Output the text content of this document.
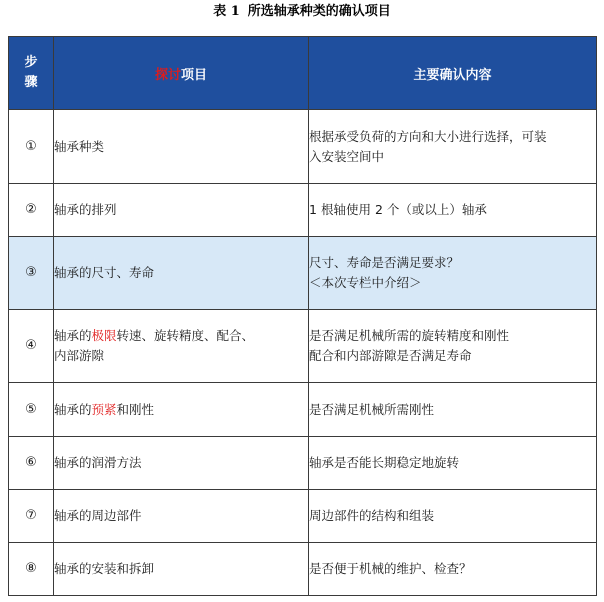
表 1 所选轴承种类的确认项目
步
骤	探讨项目	主要确认内容
①	轴承种类	根据承受负荷的方向和大小进行选择，可装
入安装空间中

②	轴承的排列	1 根轴使用 2 个（或以上）轴承
③	轴承的尺寸、寿命	尺寸、寿命是否满足要求？
＜本次专栏中介绍＞

④	轴承的极限转速、旋转精度、配合、
内部游隙	是否满足机械所需的旋转精度和刚性
配合和内部游隙是否满足寿命

⑤	轴承的预紧和刚性	是否满足机械所需刚性
⑥	轴承的润滑方法	轴承是否能长期稳定地旋转
⑦	轴承的周边部件	周边部件的结构和组装
⑧	轴承的安装和拆卸	是否便于机械的维护、检查？
